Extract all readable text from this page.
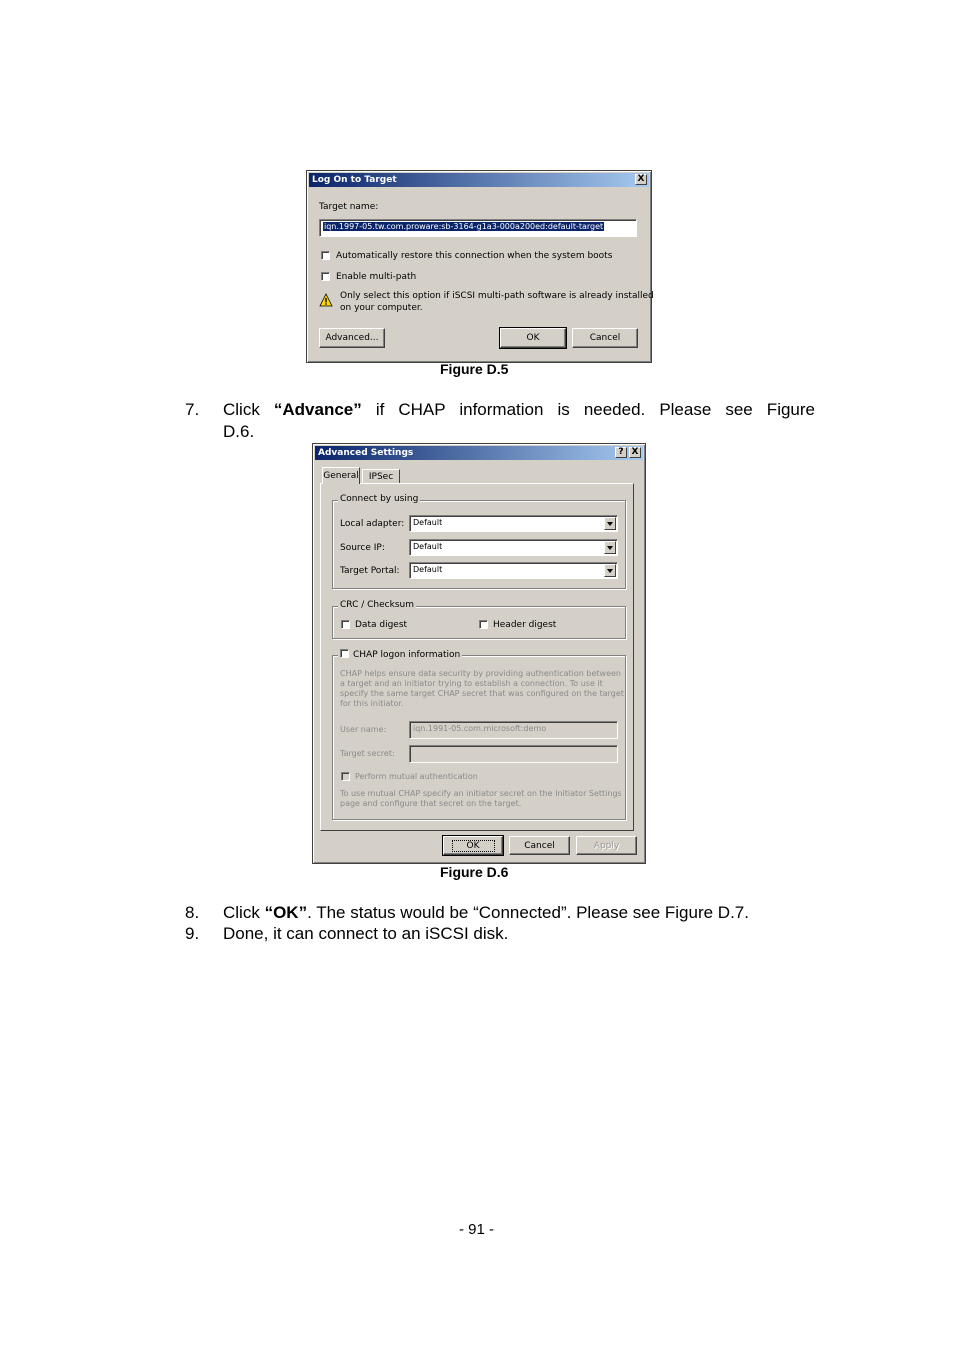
Log On to Target	X
Target name:
iqn.1997-05.tw.com.proware:sb-3164-g1a3-000a200ed:default-target
Automatically restore this connection when the system boots
Enable multi-path
Only select this option if iSCSI multi-path software is already installed
on your computer.
Advanced...	OK	Cancel
Figure D.5
7. Click “Advance” if CHAP information is needed. Please see Figure
D.6.
Advanced Settings	? X
General	IPSec
Connect by using
Local adapter:	Default
Source IP:	Default
Target Portal:	Default
CRC / Checksum
Data digest	Header digest
CHAP logon information
CHAP helps ensure data security by providing authentication between
a target and an initiator trying to establish a connection. To use it
specify the same target CHAP secret that was configured on the target
for this initiator.
User name:	iqn.1991-05.com.microsoft:demo
Target secret:
Perform mutual authentication
To use mutual CHAP specify an initiator secret on the Initiator Settings
page and configure that secret on the target.
OK	Cancel	Apply
Figure D.6
8. Click “OK”. The status would be “Connected”. Please see Figure D.7.
9. Done, it can connect to an iSCSI disk.
- 91 -
